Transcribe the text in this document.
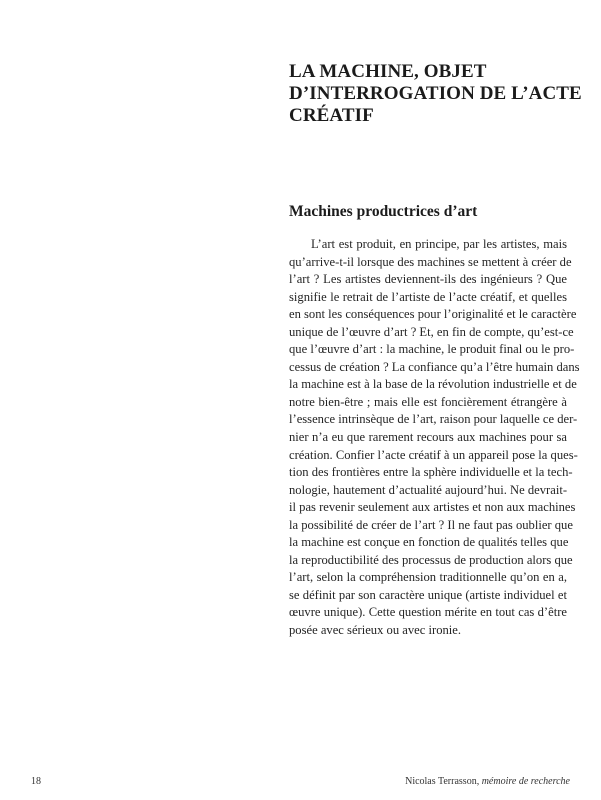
LA MACHINE, OBJET
D’INTERROGATION DE L’ACTE
CRÉATIF
Machines productrices d’art
L’art est produit, en principe, par les artistes, mais
qu’arrive-t-il lorsque des machines se mettent à créer de
l’art ? Les artistes deviennent-ils des ingénieurs ? Que
signifie le retrait de l’artiste de l’acte créatif, et quelles
en sont les conséquences pour l’originalité et le caractère
unique de l’œuvre d’art ? Et, en fin de compte, qu’est-ce
que l’œuvre d’art : la machine, le produit final ou le pro-
cessus de création ? La confiance qu’a l’être humain dans
la machine est à la base de la révolution industrielle et de
notre bien-être ; mais elle est foncièrement étrangère à
l’essence intrinsèque de l’art, raison pour laquelle ce der-
nier n’a eu que rarement recours aux machines pour sa
création. Confier l’acte créatif à un appareil pose la ques-
tion des frontières entre la sphère individuelle et la tech-
nologie, hautement d’actualité aujourd’hui. Ne devrait-
il pas revenir seulement aux artistes et non aux machines
la possibilité de créer de l’art ? Il ne faut pas oublier que
la machine est conçue en fonction de qualités telles que
la reproductibilité des processus de production alors que
l’art, selon la compréhension traditionnelle qu’on en a,
se définit par son caractère unique (artiste individuel et
œuvre unique). Cette question mérite en tout cas d’être
posée avec sérieux ou avec ironie.

18	Nicolas Terrasson, mémoire de recherche
